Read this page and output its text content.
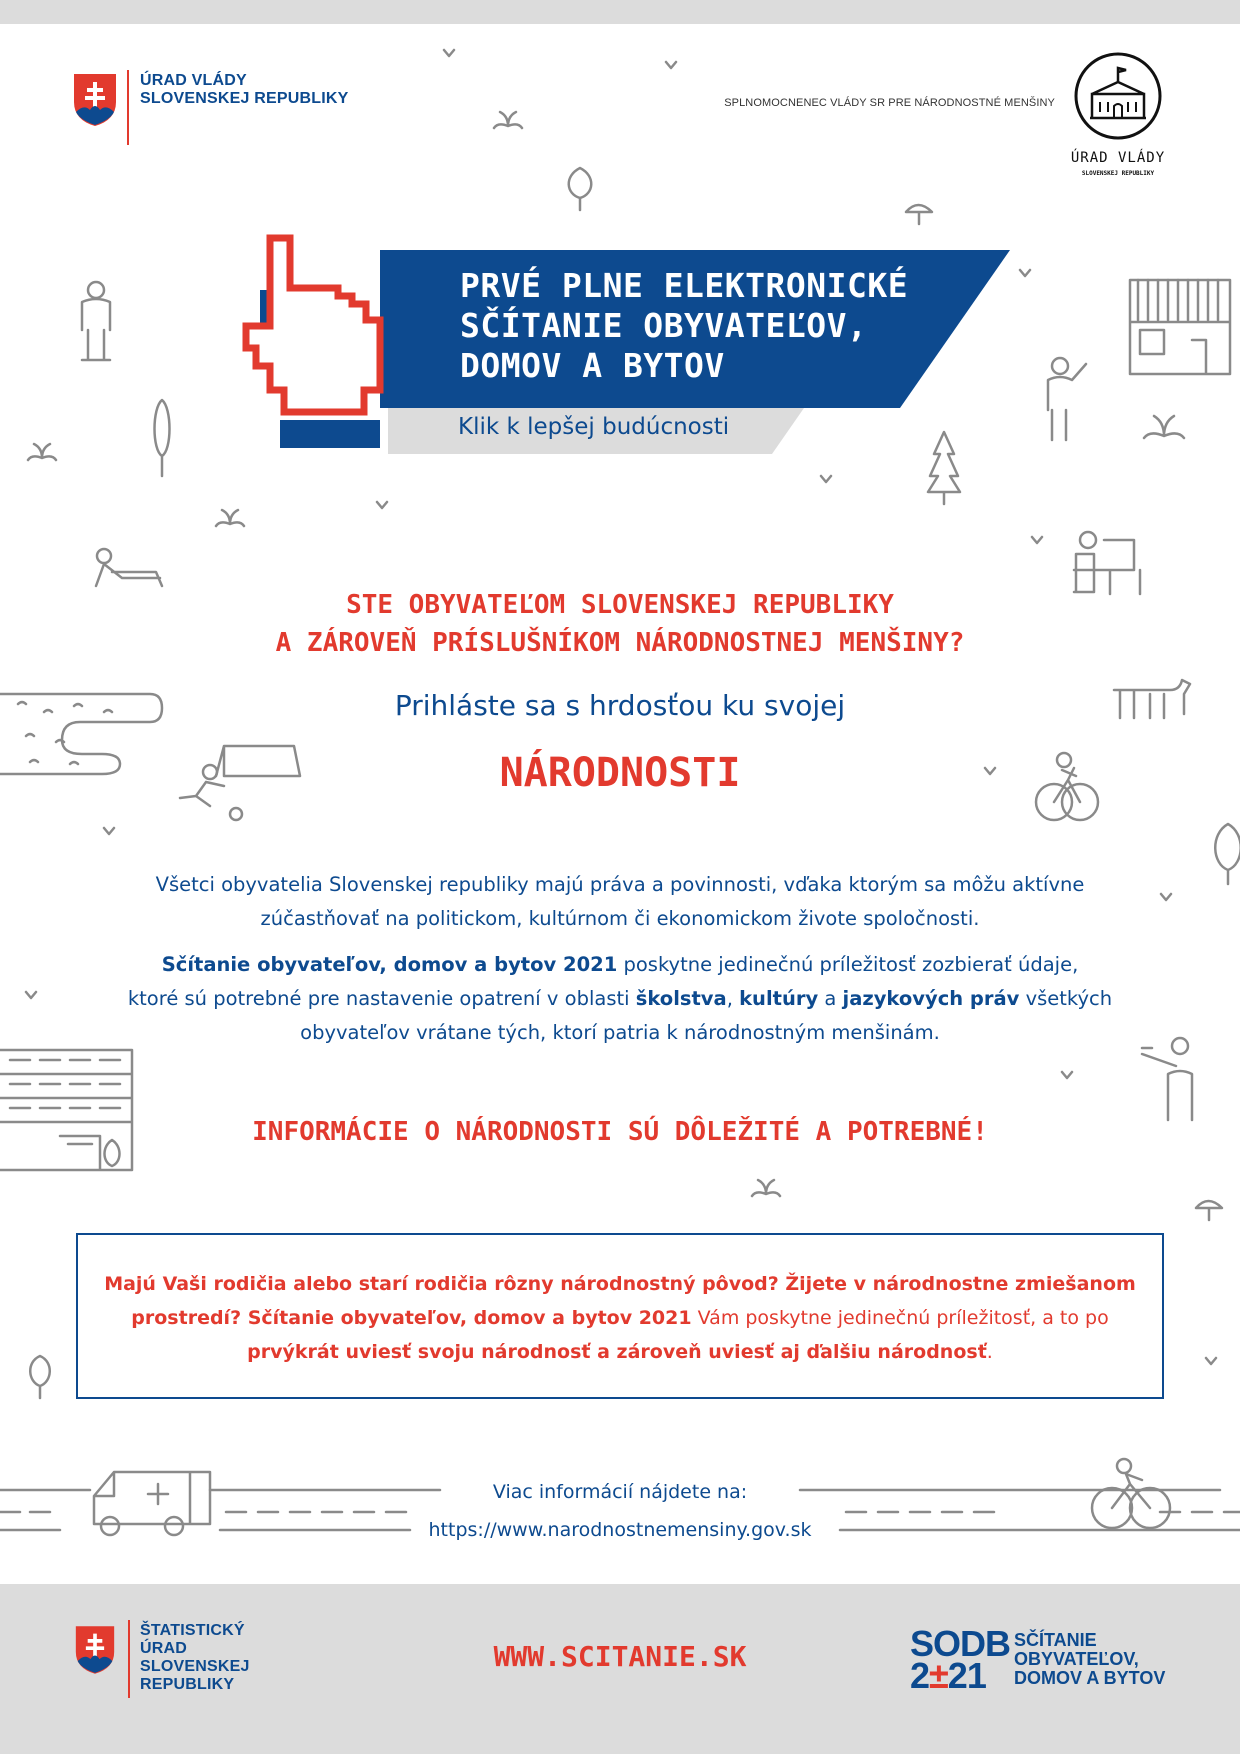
ÚRAD VLÁDY
SLOVENSKEJ REPUBLIKY	SPLNOMOCNENEC VLÁDY SR PRE NÁRODNOSTNÉ MENŠINY
ÚRAD VLÁDY
SLOVENSKEJ REPUBLIKY
PRVÉ PLNE ELEKTRONICKÉ
SČÍTANIE OBYVATEĽOV,
DOMOV A BYTOV
Klik k lepšej budúcnosti
STE OBYVATEĽOM SLOVENSKEJ REPUBLIKY
A ZÁROVEŇ PRÍSLUŠNÍKOM NÁRODNOSTNEJ MENŠINY?
Prihláste sa s hrdosťou ku svojej
NÁRODNOSTI
Všetci obyvatelia Slovenskej republiky majú práva a povinnosti, vďaka ktorým sa môžu aktívne
zúčastňovať na politickom, kultúrnom či ekonomickom živote spoločnosti.
Sčítanie obyvateľov, domov a bytov 2021 poskytne jedinečnú príležitosť zozbierať údaje,
ktoré sú potrebné pre nastavenie opatrení v oblasti školstva, kultúry a jazykových práv všetkých
obyvateľov vrátane tých, ktorí patria k národnostným menšinám.
INFORMÁCIE O NÁRODNOSTI SÚ DÔLEŽITÉ A POTREBNÉ!
Majú Vaši rodičia alebo starí rodičia rôzny národnostný pôvod? Žijete v národnostne zmiešanom
prostredí? Sčítanie obyvateľov, domov a bytov 2021 Vám poskytne jedinečnú príležitosť, a to po
prvýkrát uviesť svoju národnosť a zároveň uviesť aj ďalšiu národnosť.
Viac informácií nájdete na:
https://www.narodnostnemensiny.gov.sk
ŠTATISTICKÝ
ÚRAD
SLOVENSKEJ
REPUBLIKY
WWW.SCITANIE.SK	SODB
2±21
SČÍTANIE
OBYVATEĽOV,
DOMOV A BYTOV
